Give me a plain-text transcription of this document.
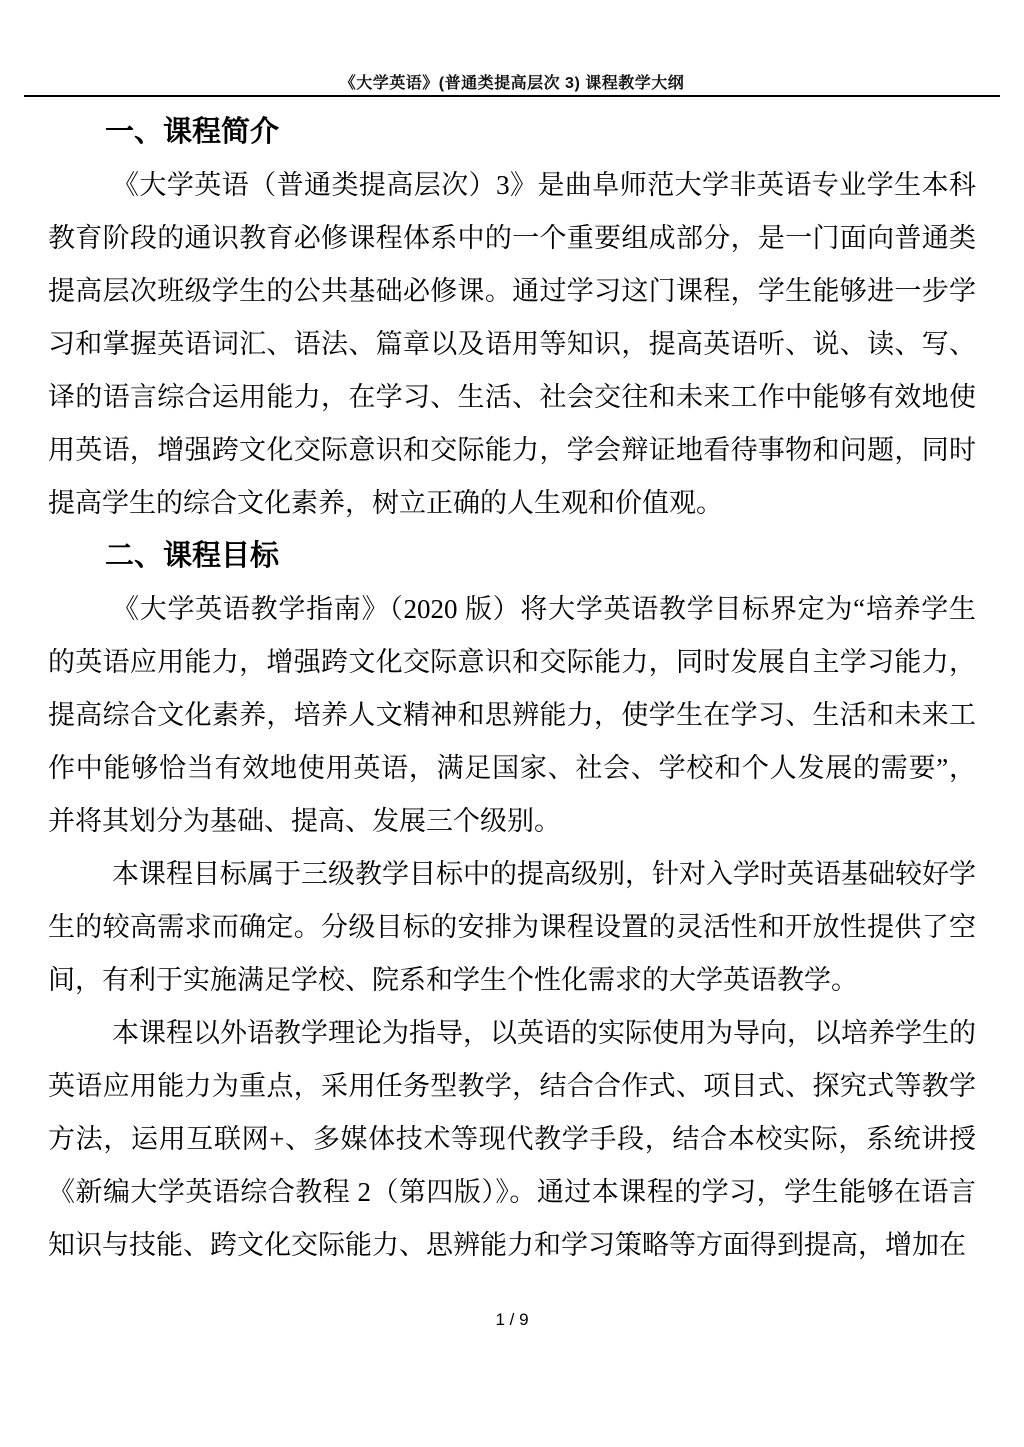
《大学英语》(普通类提高层次 3) 课程教学大纲
一、课程简介

《大学英语（普通类提高层次）3》是曲阜师范大学非英语专业学生本科教育阶段的通识教育必修课程体系中的一个重要组成部分，是一门面向普通类提高层次班级学生的公共基础必修课。通过学习这门课程，学生能够进一步学习和掌握英语词汇、语法、篇章以及语用等知识，提高英语听、说、读、写、译的语言综合运用能力，在学习、生活、社会交往和未来工作中能够有效地使用英语，增强跨文化交际意识和交际能力，学会辩证地看待事物和问题，同时提高学生的综合文化素养，树立正确的人生观和价值观。

二、课程目标

《大学英语教学指南》（2020 版）将大学英语教学目标界定为“培养学生的英语应用能力，增强跨文化交际意识和交际能力，同时发展自主学习能力，提高综合文化素养，培养人文精神和思辨能力，使学生在学习、生活和未来工作中能够恰当有效地使用英语，满足国家、社会、学校和个人发展的需要”，并将其划分为基础、提高、发展三个级别。

本课程目标属于三级教学目标中的提高级别，针对入学时英语基础较好学生的较高需求而确定。分级目标的安排为课程设置的灵活性和开放性提供了空间，有利于实施满足学校、院系和学生个性化需求的大学英语教学。

本课程以外语教学理论为指导，以英语的实际使用为导向，以培养学生的英语应用能力为重点，采用任务型教学，结合合作式、项目式、探究式等教学方法，运用互联网+、多媒体技术等现代教学手段，结合本校实际，系统讲授《新编大学英语综合教程 2（第四版）》。通过本课程的学习，学生能够在语言知识与技能、跨文化交际能力、思辨能力和学习策略等方面得到提高，增加在

1 / 9
